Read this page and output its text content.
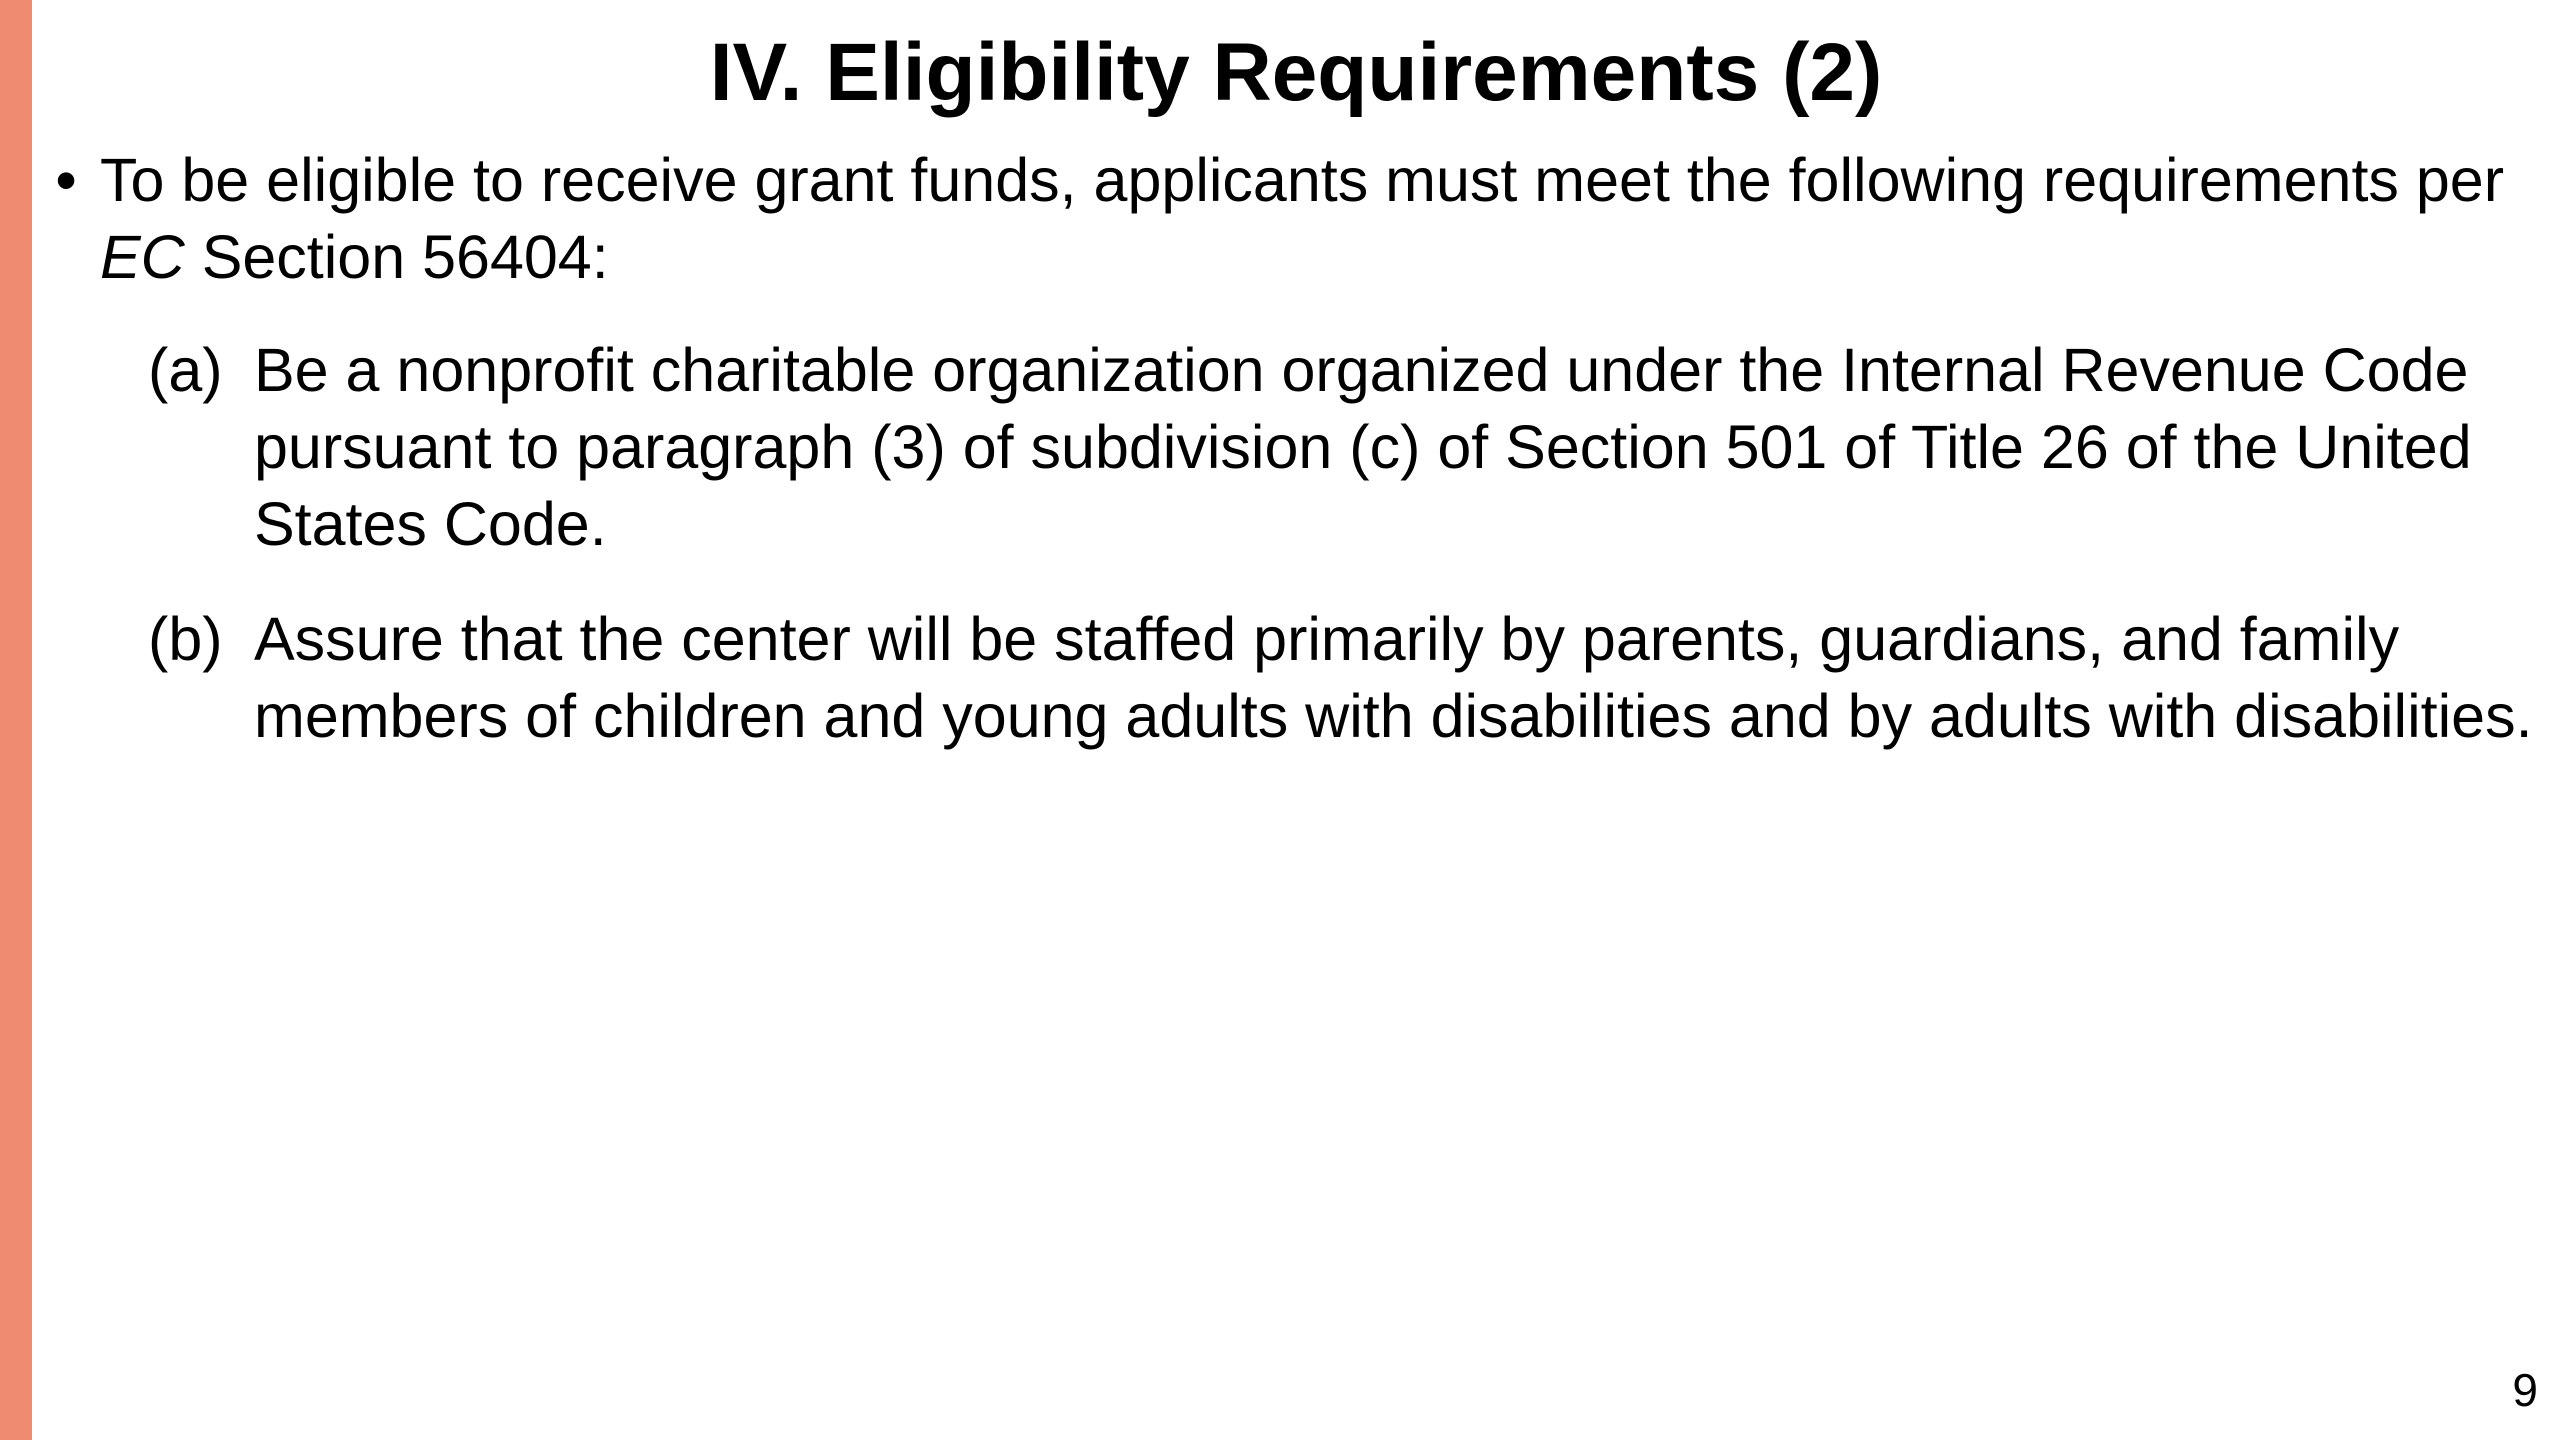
IV. Eligibility Requirements (2)
• To be eligible to receive grant funds, applicants must meet the following requirements per EC Section 56404:
(a) Be a nonprofit charitable organization organized under the Internal Revenue Code pursuant to paragraph (3) of subdivision (c) of Section 501 of Title 26 of the United States Code.
(b) Assure that the center will be staffed primarily by parents, guardians, and family members of children and young adults with disabilities and by adults with disabilities.
9
